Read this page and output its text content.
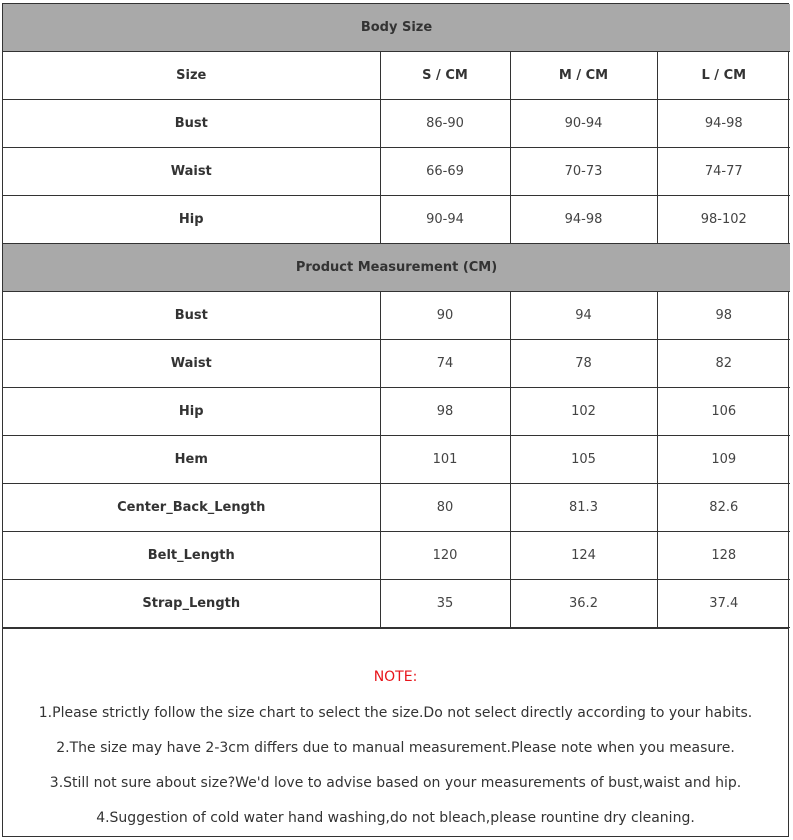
Body Size			
Size	S / CM	M / CM	L / CM
Bust	86-90	90-94	94-98
Waist	66-69	70-73	74-77
Hip	90-94	94-98	98-102
Product Measurement (CM)			
Bust	90	94	98
Waist	74	78	82
Hip	98	102	106
Hem	101	105	109
Center_Back_Length	80	81.3	82.6
Belt_Length	120	124	128
Strap_Length	35	36.2	37.4
NOTE:
1.Please strictly follow the size chart to select the size.Do not select directly according to your habits.
2.The size may have 2-3cm differs due to manual measurement.Please note when you measure.
3.Still not sure about size?We'd love to advise based on your measurements of bust,waist and hip.
4.Suggestion of cold water hand washing,do not bleach,please rountine dry cleaning.
